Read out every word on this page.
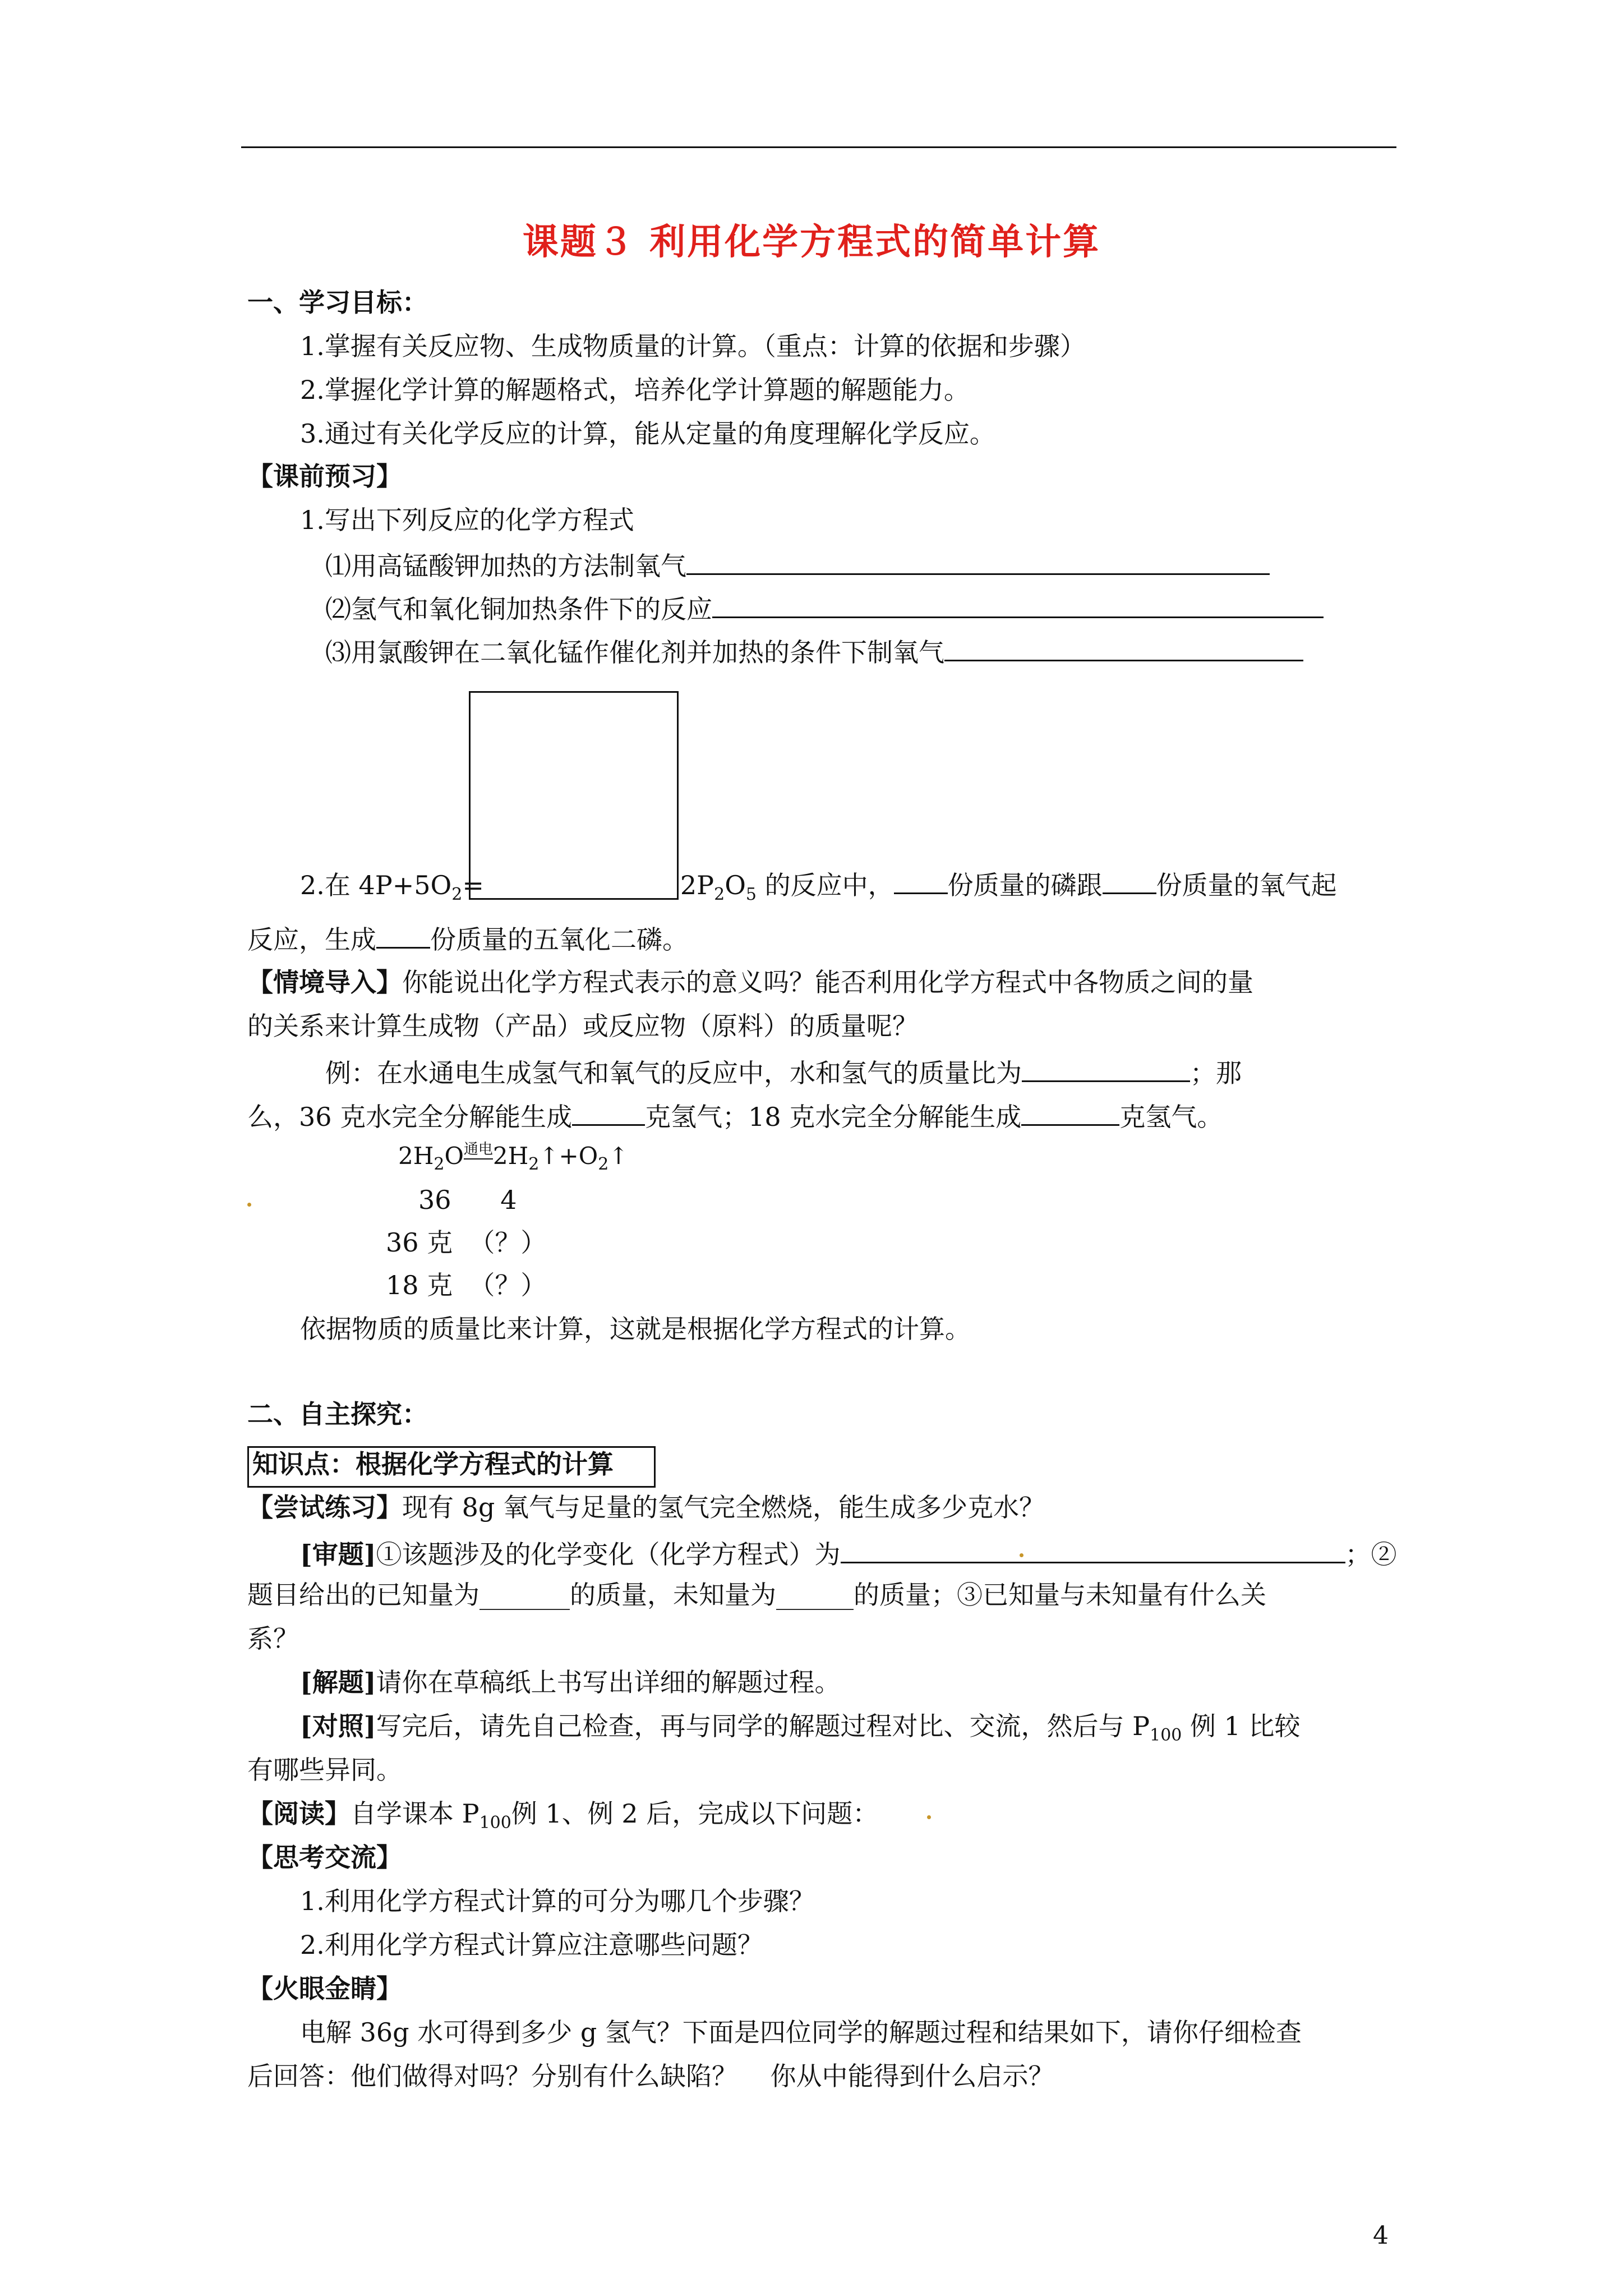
课题３ 利用化学方程式的简单计算
一、学习目标：
1.掌握有关反应物、生成物质量的计算。（重点：计算的依据和步骤）
2.掌握化学计算的解题格式，培养化学计算题的解题能力。
3.通过有关化学反应的计算，能从定量的角度理解化学反应。
【课前预习】
1.写出下列反应的化学方程式
⑴用高锰酸钾加热的方法制氧气
⑵氢气和氧化铜加热条件下的反应
⑶用氯酸钾在二氧化锰作催化剂并加热的条件下制氧气
2.在 $4P+5O_2=$	$2P_2O_5$ 的反应中， 份质量的磷跟 份质量的氧气起
反应，生成 份质量的五氧化二磷。
【情境导入】你能说出化学方程式表示的意义吗？能否利用化学方程式中各物质之间的量
的关系来计算生成物（产品）或反应物（原料）的质量呢？
例：在水通电生成氢气和氧气的反应中，水和氢气的质量比为	；那
么，36 克水完全分解能生成	克氢气；18 克水完全分解能生成	克氢气。
$2H_2O$通电$2H_2↑+O_2↑$
36      4
36 克  （？）
18 克  （？）
依据物质的质量比来计算，这就是根据化学方程式的计算。
二、自主探究：
知识点：根据化学方程式的计算
【尝试练习】现有 8g 氧气与足量的氢气完全燃烧，能生成多少克水？
[审题]①该题涉及的化学变化（化学方程式）为	；②
题目给出的已知量为_______的质量，未知量为______的质量；③已知量与未知量有什么关
系？
[解题]请你在草稿纸上书写出详细的解题过程。
[对照]写完后，请先自己检查，再与同学的解题过程对比、交流，然后与 $P_{100}$ 例 1 比较
有哪些异同。
【阅读】自学课本 $P_{100}$例 1、例 2 后，完成以下问题：
【思考交流】
1.利用化学方程式计算的可分为哪几个步骤？
2.利用化学方程式计算应注意哪些问题？
【火眼金睛】
电解 36g 水可得到多少 g 氢气？下面是四位同学的解题过程和结果如下，请你仔细检查
后回答：他们做得对吗？分别有什么缺陷？    你从中能得到什么启示？
4
